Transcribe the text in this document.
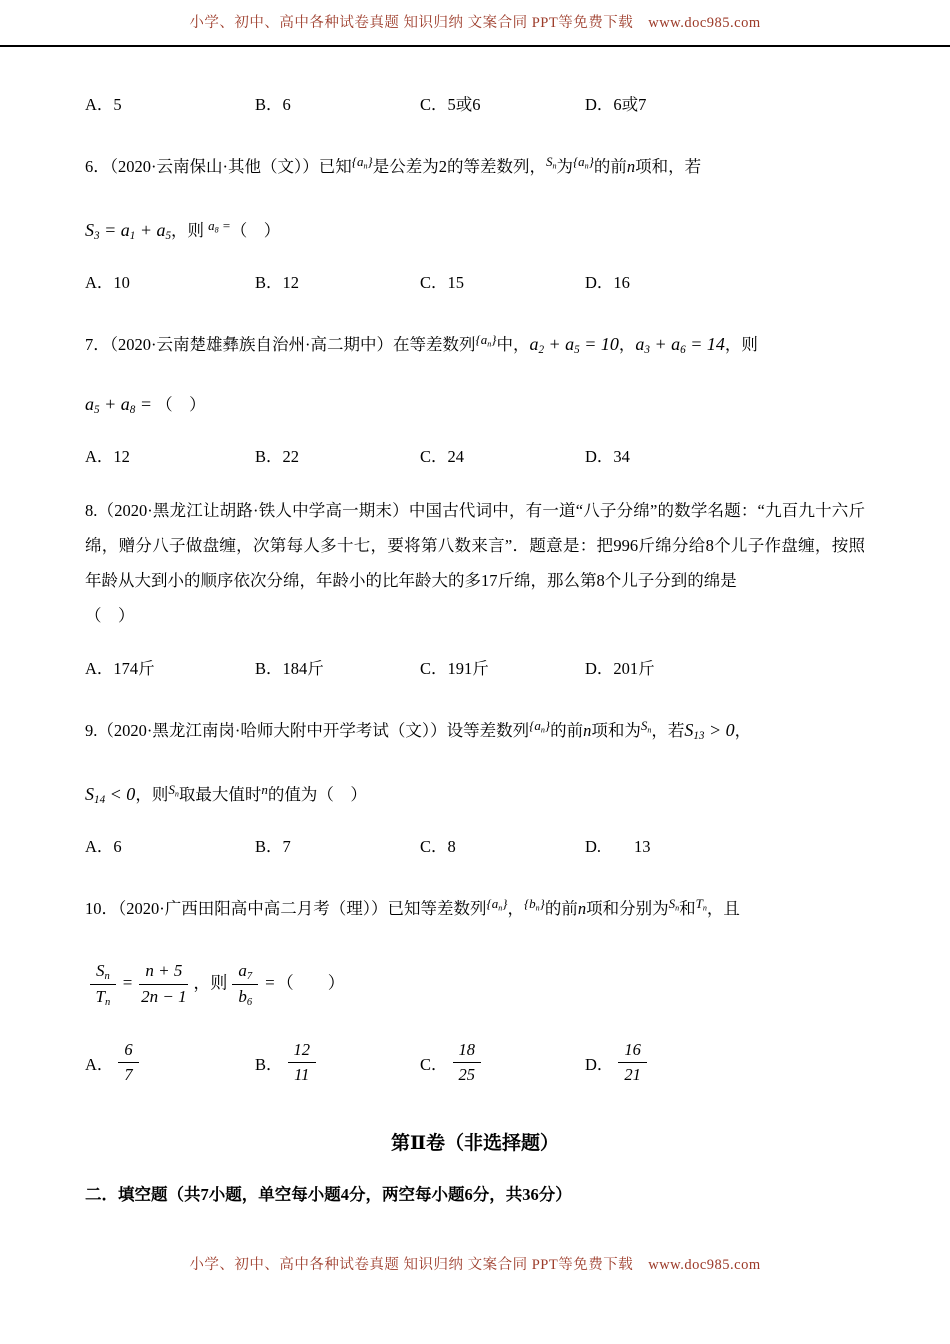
小学、初中、高中各种试卷真题 知识归纳 文案合同 PPT等免费下载　www.doc985.com
A．5	B．6	C．5或6	D．6或7

6．（2020·云南保山·其他（文））已知$^{\{a_n\}}$是公差为2的等差数列，$^{S_n}$为$^{\{a_n\}}$的前n项和，若

$S_3 = a_1 + a_5$，则 $^{a_8 =}$（　）

A．10	B．12	C．15	D．16

7．（2020·云南楚雄彝族自治州·高二期中）在等差数列$^{\{a_n\}}$中，$a_2 + a_5 = 10$，$a_3 + a_6 = 14$，则

$a_5 + a_8$ = （　）

A．12	B．22	C．24	D．34

8.（2020·黑龙江让胡路·铁人中学高一期末）中国古代词中，有一道“八子分绵”的数学名题：“九百九十六斤绵，赠分八子做盘缠，次第每人多十七，要将第八数来言”．题意是：把996斤绵分给8个儿子作盘缠，按照年龄从大到小的顺序依次分绵，年龄小的比年龄大的多17斤绵，那么第8个儿子分到的绵是
（　）

A．174斤	B．184斤	C．191斤	D．201斤

9.（2020·黑龙江南岗·哈师大附中开学考试（文））设等差数列$^{\{a_n\}}$的前n项和为$^{S_n}$，若$S_{13} > 0$，

$S_{14} < 0$，则$^{S_n}$取最大值时$^n$的值为（　）

A．6	B．7	C．8	D.　　13

10．（2020·广西田阳高中高二月考（理））已知等差数列$^{\{a_n\}}$，$^{\{b_n\}}$的前n项和分别为$^{S_n}$和$^{T_n}$，且

$\frac{S_n}{T_n} = \frac{n + 5}{2n - 1}$ ，则 $\frac{a_7}{b_6}$ = （　　）

A． $\frac{6}{7}$	B． $\frac{12}{11}$	C． $\frac{18}{25}$	D． $\frac{16}{21}$
第Ⅱ卷（非选择题）

二．填空题（共7小题，单空每小题4分，两空每小题6分，共36分）

小学、初中、高中各种试卷真题 知识归纳 文案合同 PPT等免费下载　www.doc985.com
